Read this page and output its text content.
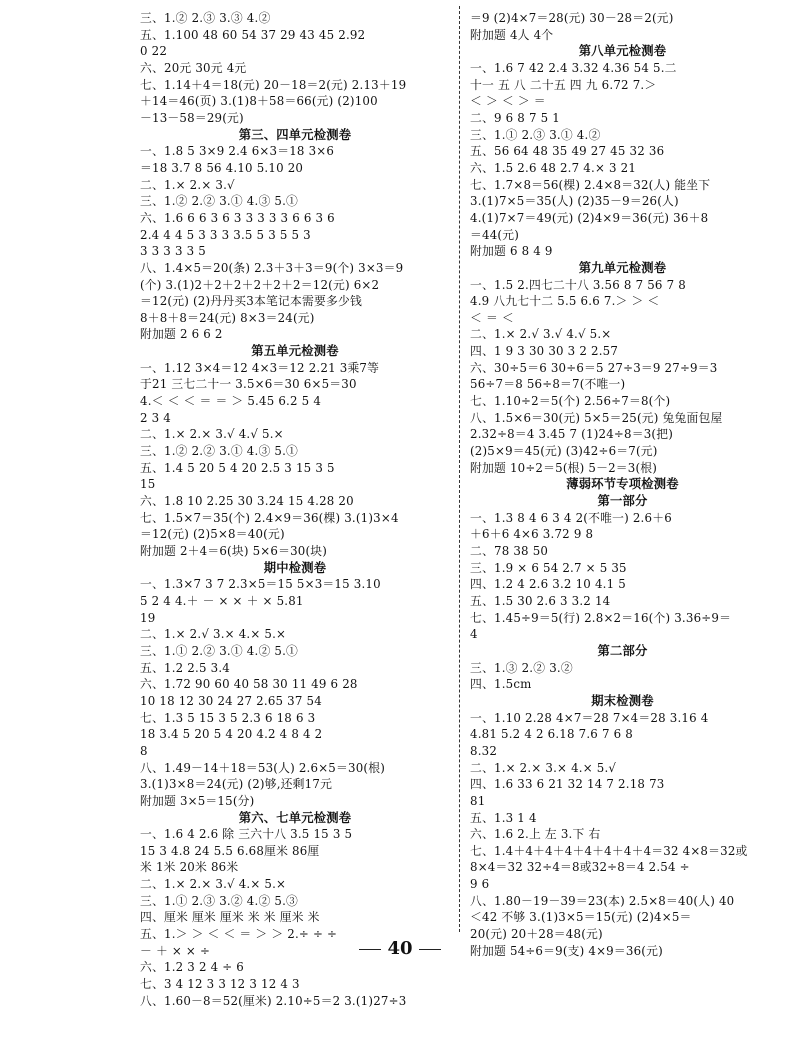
三、1.② 2.③ 3.③ 4.②
五、1.100 48 60 54 37 29 43 45 2.92
0 22
六、20元 30元 4元
七、1.14＋4＝18(元) 20－18＝2(元) 2.13＋19
＋14＝46(页) 3.(1)8＋58＝66(元) (2)100
－13－58＝29(元)
第三、四单元检测卷
一、1.8 5 3×9 2.4 6×3＝18 3×6
＝18 3.7 8 56 4.10 5.10 20
二、1.× 2.× 3.√
三、1.② 2.② 3.① 4.③ 5.①
六、1.6 6 6 3 6 3 3 3 3 3 6 6 3 6
2.4 4 4 5 3 3 3 3.5 5 3 5 5 3
3 3 3 3 3 5
八、1.4×5＝20(条) 2.3＋3＋3＝9(个) 3×3＝9
(个) 3.(1)2＋2＋2＋2＋2＋2＝12(元) 6×2
＝12(元) (2)丹丹买3本笔记本需要多少钱
8＋8＋8＝24(元) 8×3＝24(元)
附加题 2 6 6 2
第五单元检测卷
一、1.12 3×4＝12 4×3＝12 2.21 3乘7等
于21 三七二十一 3.5×6＝30 6×5＝30
4.＜ ＜ ＜ ＝ ＝ ＞ 5.45 6.2 5 4
2 3 4
二、1.× 2.× 3.√ 4.√ 5.×
三、1.② 2.② 3.① 4.③ 5.①
五、1.4 5 20 5 4 20 2.5 3 15 3 5
15
六、1.8 10 2.25 30 3.24 15 4.28 20
七、1.5×7＝35(个) 2.4×9＝36(棵) 3.(1)3×4
＝12(元) (2)5×8＝40(元)
附加题 2＋4＝6(块) 5×6＝30(块)
期中检测卷
一、1.3×7 3 7 2.3×5＝15 5×3＝15 3.10
5 2 4 4.＋ － × × ＋ × 5.81
19
二、1.× 2.√ 3.× 4.× 5.×
三、1.① 2.② 3.① 4.② 5.①
五、1.2 2.5 3.4
六、1.72 90 60 40 58 30 11 49 6 28
10 18 12 30 24 27 2.65 37 54
七、1.3 5 15 3 5 2.3 6 18 6 3
18 3.4 5 20 5 4 20 4.2 4 8 4 2
8
八、1.49－14＋18＝53(人) 2.6×5＝30(根)
3.(1)3×8＝24(元) (2)够,还剩17元
附加题 3×5＝15(分)
第六、七单元检测卷
一、1.6 4 2.6 除 三六十八 3.5 15 3 5
15 3 4.8 24 5.5 6.68厘米 86厘
米 1米 20米 86米
二、1.× 2.× 3.√ 4.× 5.×
三、1.① 2.③ 3.② 4.② 5.③
四、厘米 厘米 厘米 米 米 厘米 米
五、1.＞ ＞ ＜ ＜ ＝ ＞ ＞ 2.÷ ÷ ÷
－ ＋ × × ÷
六、1.2 3 2 4 ÷ 6
七、3 4 12 3 3 12 3 12 4 3
八、1.60－8＝52(厘米) 2.10÷5＝2 3.(1)27÷3
＝9 (2)4×7＝28(元) 30－28＝2(元)
附加题 4人 4个
第八单元检测卷
一、1.6 7 42 2.4 3.32 4.36 54 5.二
十一 五 八 二十五 四 九 6.72 7.＞
＜ ＞ ＜ ＞ ＝
二、9 6 8 7 5 1
三、1.① 2.③ 3.① 4.②
五、56 64 48 35 49 27 45 32 36
六、1.5 2.6 48 2.7 4.× 3 21
七、1.7×8＝56(棵) 2.4×8＝32(人) 能坐下
3.(1)7×5＝35(人) (2)35－9＝26(人)
4.(1)7×7＝49(元) (2)4×9＝36(元) 36＋8
＝44(元)
附加题 6 8 4 9
第九单元检测卷
一、1.5 2.四七二十八 3.56 8 7 56 7 8
4.9 八九七十二 5.5 6.6 7.＞ ＞ ＜
＜ ＝ ＜
二、1.× 2.√ 3.√ 4.√ 5.×
四、1 9 3 30 30 3 2 2.57
六、30÷5＝6 30÷6＝5 27÷3＝9 27÷9＝3
56÷7＝8 56÷8＝7(不唯一)
七、1.10÷2＝5(个) 2.56÷7＝8(个)
八、1.5×6＝30(元) 5×5＝25(元) 兔兔面包屋
2.32÷8＝4 3.45 7 (1)24÷8＝3(把)
(2)5×9＝45(元) (3)42÷6＝7(元)
附加题 10÷2＝5(根) 5－2＝3(根)
薄弱环节专项检测卷
第一部分
一、1.3 8 4 6 3 4 2(不唯一) 2.6＋6
＋6＋6 4×6 3.72 9 8
二、78 38 50
三、1.9 × 6 54 2.7 × 5 35
四、1.2 4 2.6 3.2 10 4.1 5
五、1.5 30 2.6 3 3.2 14
七、1.45÷9＝5(行) 2.8×2＝16(个) 3.36÷9＝
4
第二部分
三、1.③ 2.② 3.②
四、1.5cm
期末检测卷
一、1.10 2.28 4×7＝28 7×4＝28 3.16 4
4.81 5.2 4 2 6.18 7.6 7 6 8
8.32
二、1.× 2.× 3.× 4.× 5.√
四、1.6 33 6 21 32 14 7 2.18 73
81
五、1.3 1 4
六、1.6 2.上 左 3.下 右
七、1.4＋4＋4＋4＋4＋4＋4＋4＝32 4×8＝32或
8×4＝32 32÷4＝8或32÷8＝4 2.54 ÷
9 6
八、1.80－19－39＝23(本) 2.5×8＝40(人) 40
＜42 不够 3.(1)3×5＝15(元) (2)4×5＝
20(元) 20＋28＝48(元)
附加题 54÷6＝9(支) 4×9＝36(元)
40
